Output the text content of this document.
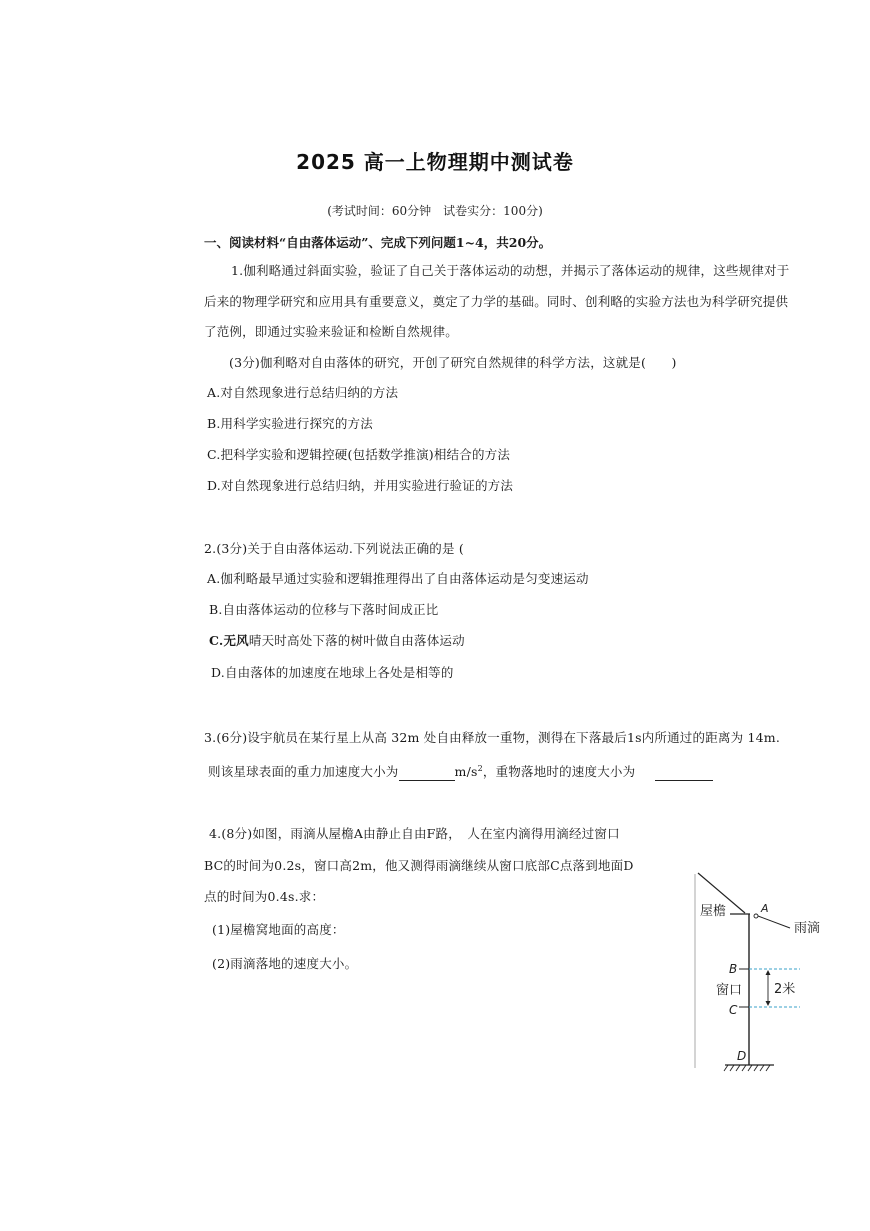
2025 高一上物理期中测试卷
(考试时间：60分钟　试卷实分：100分)
一、阅读材料“自由落体运动”、完成下列问题1~4，共20分。
1.伽利略通过斜面实验，验证了自己关于落体运动的动想，并揭示了落体运动的规律，这些规律对于
后来的物理学研究和应用具有重要意义，奠定了力学的基础。同时、创利略的实验方法也为科学研究提供
了范例，即通过实验来验证和检断自然规律。
(3分)伽利略对自由落体的研究，开创了研究自然规律的科学方法，这就是(　　)
A.对自然现象进行总结归纳的方法
B.用科学实验进行探究的方法
C.把科学实验和逻辑控硬(包括数学推演)相结合的方法
D.对自然现象进行总结归纳，并用实验进行验证的方法
2.(3分)关于自由落体运动.下列说法正确的是 (
A.伽利略最早通过实验和逻辑推理得出了自由落体运动是匀变速运动
B.自由落体运动的位移与下落时间成正比
C.无风晴天时高处下落的树叶做自由落体运动
D.自由落体的加速度在地球上各处是相等的
3.(6分)设宇航员在某行星上从高 32m 处自由释放一重物，测得在下落最后1s内所通过的距离为 14m.
则该星球表面的重力加速度大小为	$m/s^2$，重物落地时的速度大小为
4.(8分)如图，雨滴从屋檐A由静止自由F路，　人在室内滴得用滴经过窗口
BC的时间为0.2s，窗口高2m，他又测得雨滴继续从窗口底部C点落到地面D
点的时间为0.4s.求：
(1)屋檐窝地面的高度：
(2)雨滴落地的速度大小。
屋檐	A
雨滴
B
窗口 2米
C
D
